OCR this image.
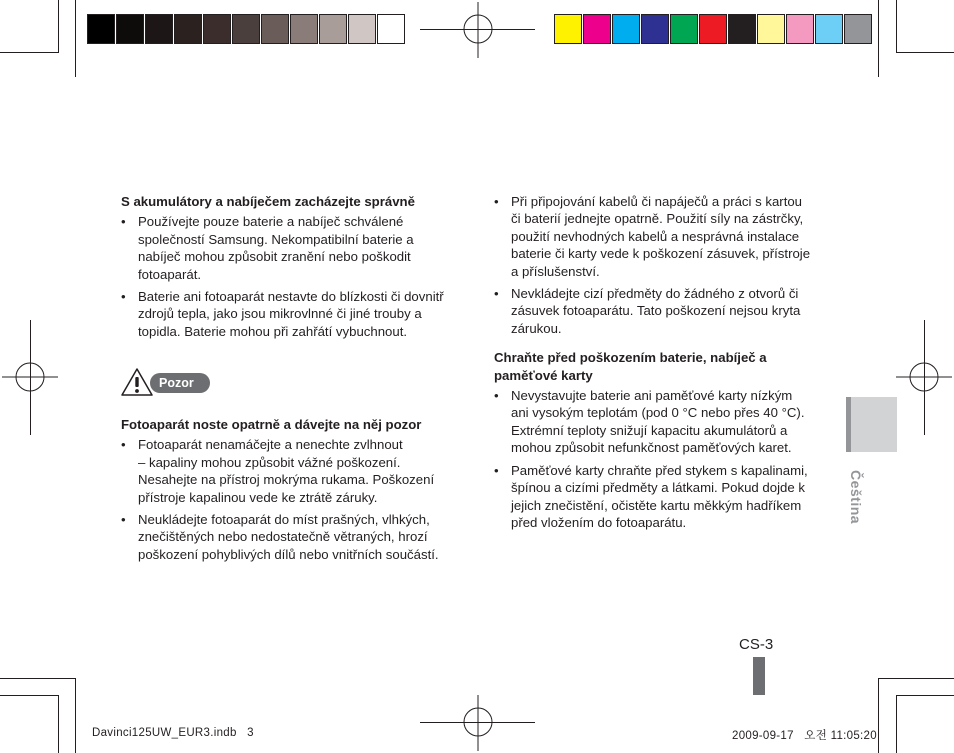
S akumulátory a nabíječem zacházejte správně
• Používejte pouze baterie a nabíječ schválené
společností Samsung. Nekompatibilní baterie a
nabíječ mohou způsobit zranění nebo poškodit
fotoaparát.
• Baterie ani fotoaparát nestavte do blízkosti či dovnitř
zdrojů tepla, jako jsou mikrovlnné či jiné trouby a
topidla. Baterie mohou při zahřátí vybuchnout.
Pozor
Fotoaparát noste opatrně a dávejte na něj pozor
• Fotoaparát nenamáčejte a nenechte zvlhnout
– kapaliny mohou způsobit vážné poškození.
Nesahejte na přístroj mokrýma rukama. Poškození
přístroje kapalinou vede ke ztrátě záruky.
• Neukládejte fotoaparát do míst prašných, vlhkých,
znečištěných nebo nedostatečně větraných, hrozí
poškození pohyblivých dílů nebo vnitřních součástí.
• Při připojování kabelů či napáječů a práci s kartou
či baterií jednejte opatrně. Použití síly na zástrčky,
použití nevhodných kabelů a nesprávná instalace
baterie či karty vede k poškození zásuvek, přístroje
a příslušenství.
• Nevkládejte cizí předměty do žádného z otvorů či
zásuvek fotoaparátu. Tato poškození nejsou kryta
zárukou.
Chraňte před poškozením baterie, nabíječ a
paměťové karty
• Nevystavujte baterie ani paměťové karty nízkým
ani vysokým teplotám (pod 0 °C nebo přes 40 °C).
Extrémní teploty snižují kapacitu akumulátorů a
mohou způsobit nefunkčnost paměťových karet.
• Paměťové karty chraňte před stykem s kapalinami,
špínou a cizími předměty a látkami. Pokud dojde k
jejich znečistění, očistěte kartu měkkým hadříkem
před vložením do fotoaparátu.	Čeština
CS-3
Davinci125UW_EUR3.indb   3	2009-09-17   오전 11:05:20
